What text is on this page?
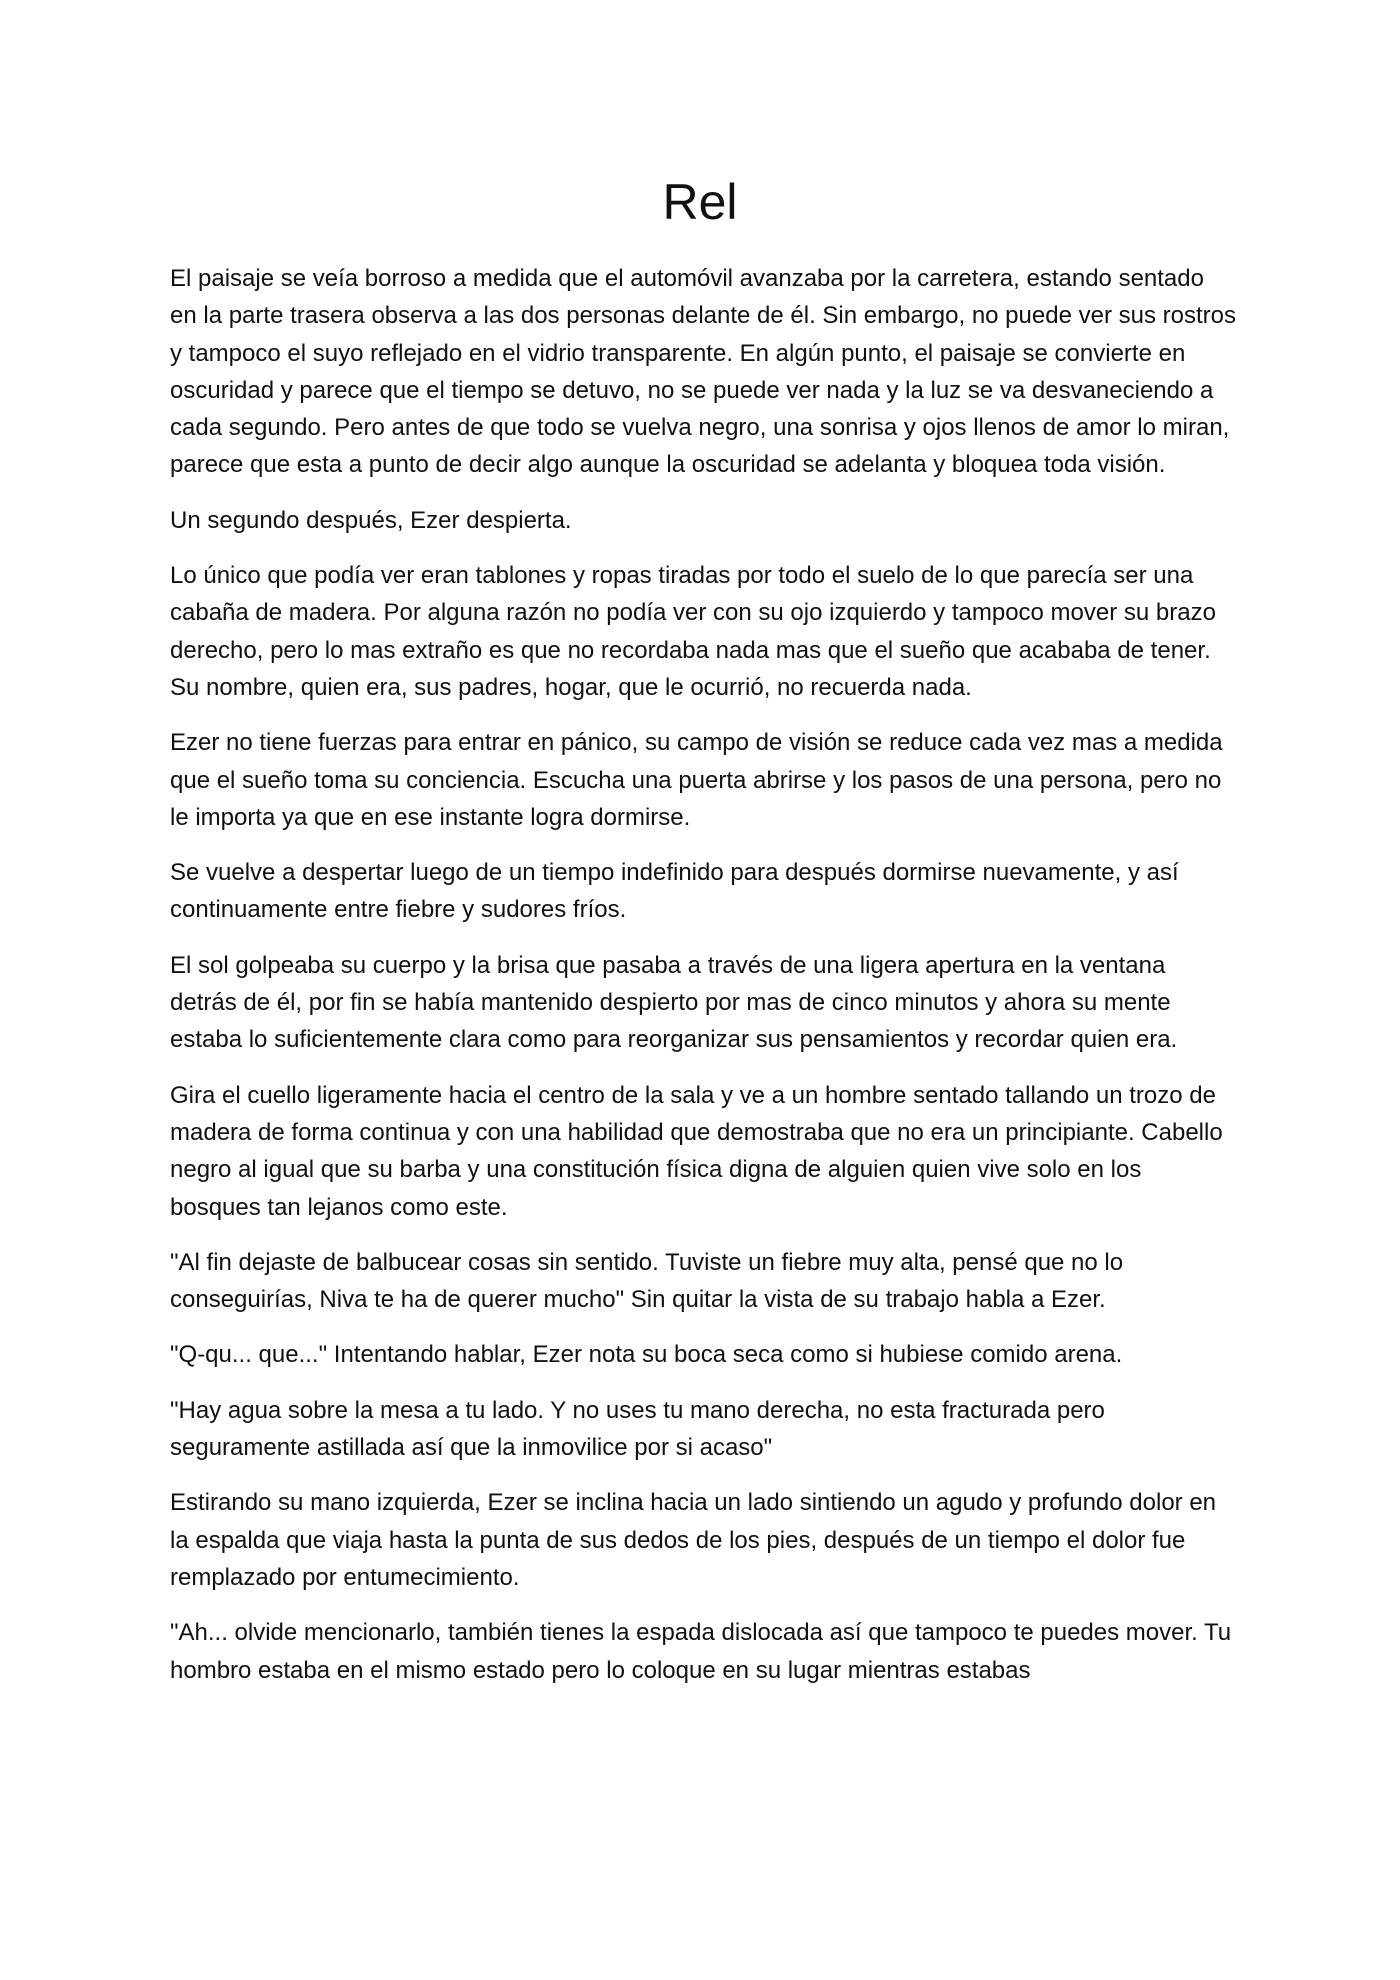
Rel

El paisaje se veía borroso a medida que el automóvil avanzaba por la carretera, estando sentado en la parte trasera observa a las dos personas delante de él. Sin embargo, no puede ver sus rostros y tampoco el suyo reflejado en el vidrio transparente. En algún punto, el paisaje se convierte en oscuridad y parece que el tiempo se detuvo, no se puede ver nada y la luz se va desvaneciendo a cada segundo. Pero antes de que todo se vuelva negro, una sonrisa y ojos llenos de amor lo miran, parece que esta a punto de decir algo aunque la oscuridad se adelanta y bloquea toda visión.

Un segundo después, Ezer despierta.

Lo único que podía ver eran tablones y ropas tiradas por todo el suelo de lo que parecía ser una cabaña de madera. Por alguna razón no podía ver con su ojo izquierdo y tampoco mover su brazo derecho, pero lo mas extraño es que no recordaba nada mas que el sueño que acababa de tener. Su nombre, quien era, sus padres, hogar, que le ocurrió, no recuerda nada.

Ezer no tiene fuerzas para entrar en pánico, su campo de visión se reduce cada vez mas a medida que el sueño toma su conciencia. Escucha una puerta abrirse y los pasos de una persona, pero no le importa ya que en ese instante logra dormirse.

Se vuelve a despertar luego de un tiempo indefinido para después dormirse nuevamente, y así continuamente entre fiebre y sudores fríos.

El sol golpeaba su cuerpo y la brisa que pasaba a través de una ligera apertura en la ventana detrás de él, por fin se había mantenido despierto por mas de cinco minutos y ahora su mente estaba lo suficientemente clara como para reorganizar sus pensamientos y recordar quien era.

Gira el cuello ligeramente hacia el centro de la sala y ve a un hombre sentado tallando un trozo de madera de forma continua y con una habilidad que demostraba que no era un principiante. Cabello negro al igual que su barba y una constitución física digna de alguien quien vive solo en los bosques tan lejanos como este.

"Al fin dejaste de balbucear cosas sin sentido. Tuviste un fiebre muy alta, pensé que no lo conseguirías, Niva te ha de querer mucho" Sin quitar la vista de su trabajo habla a Ezer.

"Q-qu... que..." Intentando hablar, Ezer nota su boca seca como si hubiese comido arena.

"Hay agua sobre la mesa a tu lado. Y no uses tu mano derecha, no esta fracturada pero seguramente astillada así que la inmovilice por si acaso"

Estirando su mano izquierda, Ezer se inclina hacia un lado sintiendo un agudo y profundo dolor en la espalda que viaja hasta la punta de sus dedos de los pies, después de un tiempo el dolor fue remplazado por entumecimiento.

"Ah... olvide mencionarlo, también tienes la espada dislocada así que tampoco te puedes mover. Tu hombro estaba en el mismo estado pero lo coloque en su lugar mientras estabas
